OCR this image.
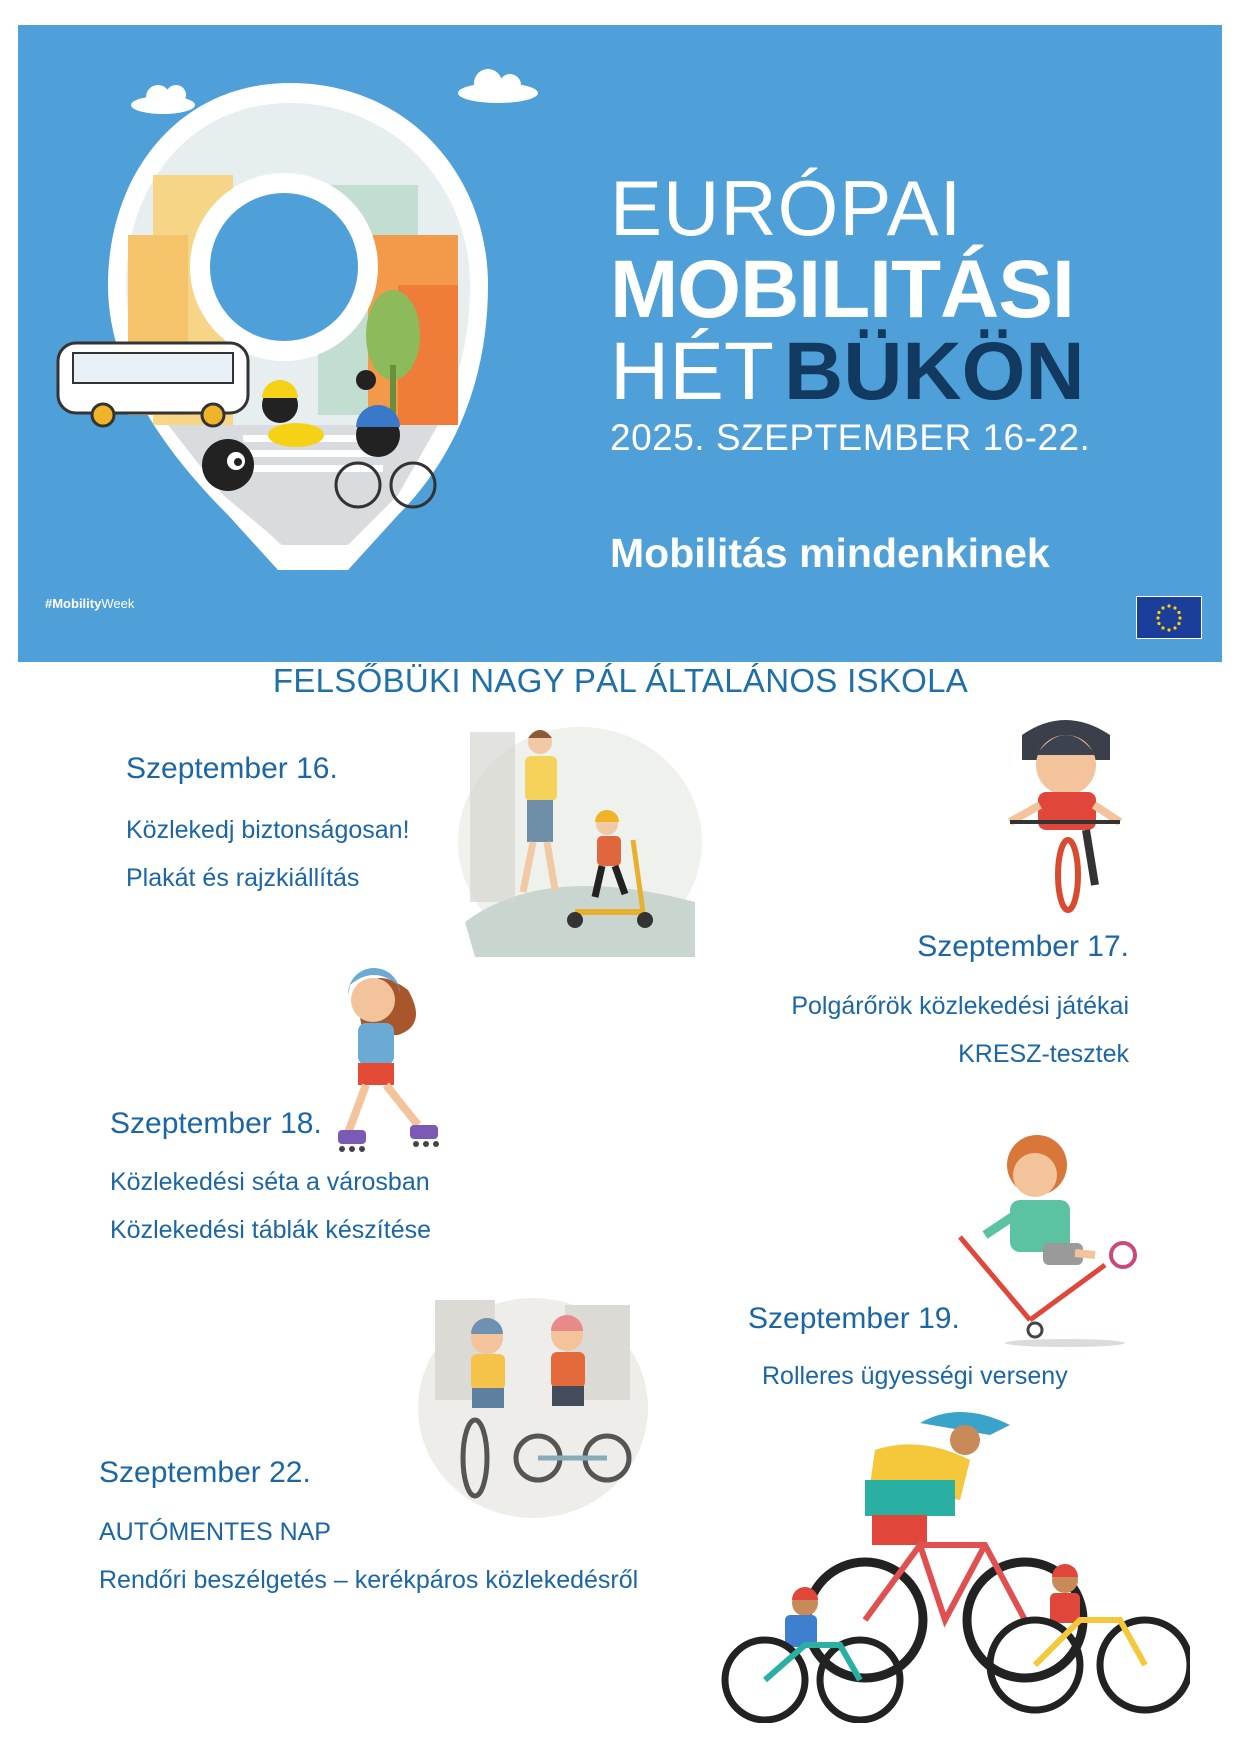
EURÓPAI
MOBILITÁSI
HÉT BÜKÖN
2025. SZEPTEMBER 16-22.
Mobilitás mindenkinek
#MobilityWeek
FELSŐBÜKI NAGY PÁL ÁLTALÁNOS ISKOLA
Szeptember 16.
Közlekedj biztonságosan!
Plakát és rajzkiállítás
Szeptember 17.
Polgárőrök közlekedési játékai
KRESZ-tesztek
Szeptember 18.
Közlekedési séta a városban
Közlekedési táblák készítése
Szeptember 19.
Rolleres ügyességi verseny
Szeptember 22.
AUTÓMENTES NAP
Rendőri beszélgetés – kerékpáros közlekedésről
